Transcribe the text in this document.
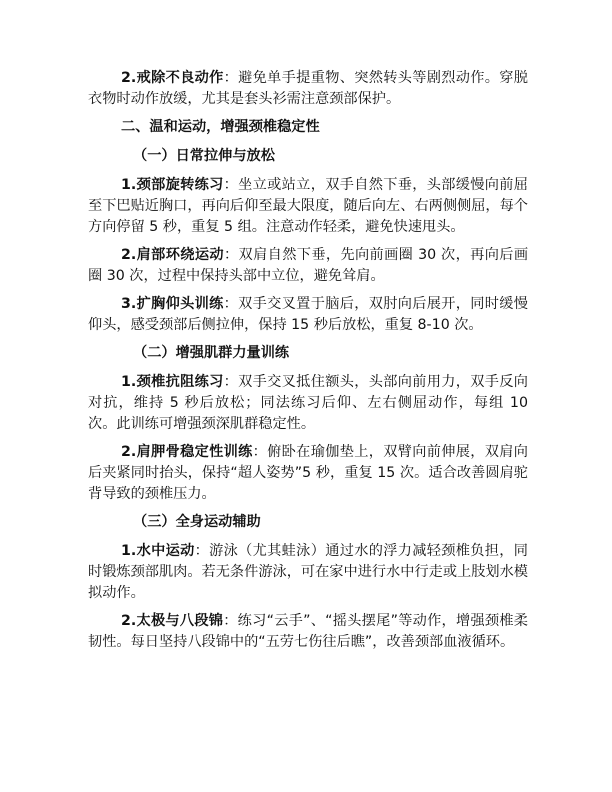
2.戒除不良动作：避免单手提重物、突然转头等剧烈动作。穿脱衣物时动作放缓，尤其是套头衫需注意颈部保护。

二、温和运动，增强颈椎稳定性

（一）日常拉伸与放松

1.颈部旋转练习：坐立或站立，双手自然下垂，头部缓慢向前屈至下巴贴近胸口，再向后仰至最大限度，随后向左、右两侧侧屈，每个方向停留 5 秒，重复 5 组。注意动作轻柔，避免快速甩头。

2.肩部环绕运动：双肩自然下垂，先向前画圈 30 次，再向后画圈 30 次，过程中保持头部中立位，避免耸肩。

3.扩胸仰头训练：双手交叉置于脑后，双肘向后展开，同时缓慢仰头，感受颈部后侧拉伸，保持 15 秒后放松，重复 8-10 次。

（二）增强肌群力量训练

1.颈椎抗阻练习：双手交叉抵住额头，头部向前用力，双手反向对抗，维持 5 秒后放松；同法练习后仰、左右侧屈动作，每组 10 次。此训练可增强颈深肌群稳定性。

2.肩胛骨稳定性训练：俯卧在瑜伽垫上，双臂向前伸展，双肩向后夹紧同时抬头，保持“超人姿势”5 秒，重复 15 次。适合改善圆肩驼背导致的颈椎压力。

（三）全身运动辅助

1.水中运动：游泳（尤其蛙泳）通过水的浮力减轻颈椎负担，同时锻炼颈部肌肉。若无条件游泳，可在家中进行水中行走或上肢划水模拟动作。

2.太极与八段锦：练习“云手”、“摇头摆尾”等动作，增强颈椎柔韧性。每日坚持八段锦中的“五劳七伤往后瞧”，改善颈部血液循环。
